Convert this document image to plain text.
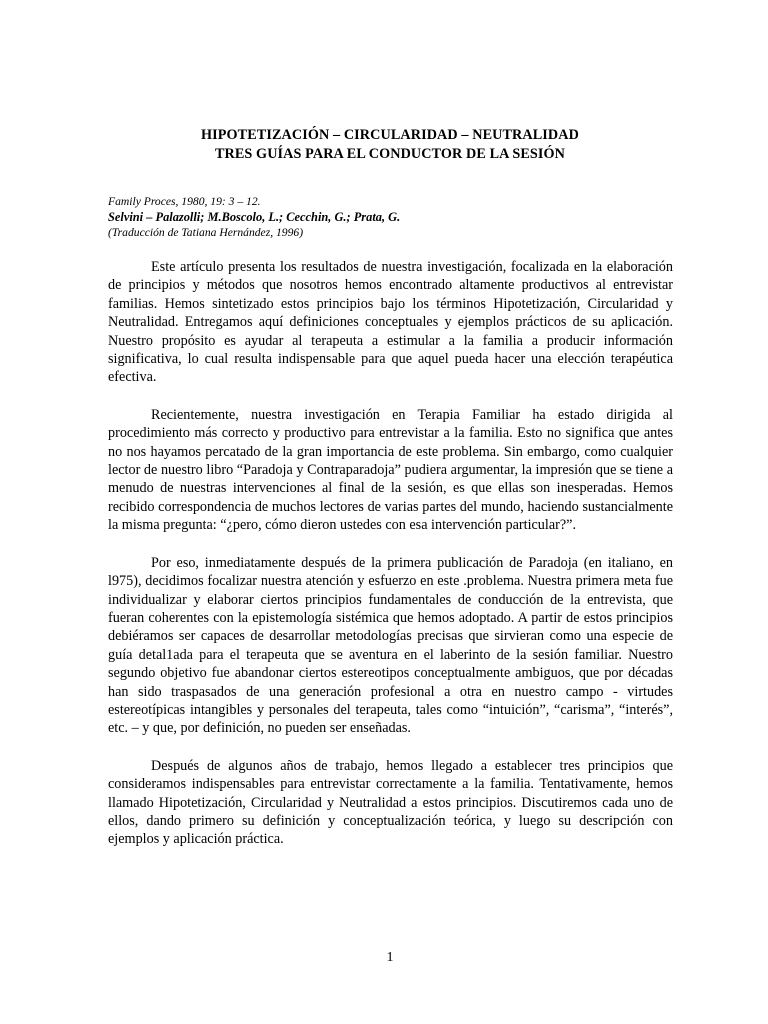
HIPOTETIZACIÓN – CIRCULARIDAD – NEUTRALIDAD
TRES GUÍAS PARA EL CONDUCTOR DE LA SESIÓN
Family Proces, 1980, 19: 3 – 12.
Selvini – Palazolli; M.Boscolo, L.; Cecchin, G.; Prata, G.
(Traducción de Tatiana Hernández, 1996)

Este artículo presenta los resultados de nuestra investigación, focalizada en la elaboración de principios y métodos que nosotros hemos encontrado altamente productivos al entrevistar familias. Hemos sintetizado estos principios bajo los términos Hipotetización, Circularidad y Neutralidad. Entregamos aquí definiciones conceptuales y ejemplos prácticos de su aplicación. Nuestro propósito es ayudar al terapeuta a estimular a la familia a producir información significativa, lo cual resulta indispensable para que aquel pueda hacer una elección terapéutica efectiva.

Recientemente, nuestra investigación en Terapia Familiar ha estado dirigida al procedimiento más correcto y productivo para entrevistar a la familia. Esto no significa que antes no nos hayamos percatado de la gran importancia de este problema. Sin embargo, como cualquier lector de nuestro libro “Paradoja y Contraparadoja” pudiera argumentar, la impresión que se tiene a menudo de nuestras intervenciones al final de la sesión, es que ellas son inesperadas. Hemos recibido correspondencia de muchos lectores de varias partes del mundo, haciendo sustancialmente la misma pregunta: “¿pero, cómo dieron ustedes con esa intervención particular?”.

Por eso, inmediatamente después de la primera publicación de Paradoja (en italiano, en l975), decidimos focalizar nuestra atención y esfuerzo en este .problema. Nuestra primera meta fue individualizar y elaborar ciertos principios fundamentales de conducción de la entrevista, que fueran coherentes con la epistemología sistémica que hemos adoptado. A partir de estos principios debiéramos ser capaces de desarrollar metodologías precisas que sirvieran como una especie de guía detal1ada para el terapeuta que se aventura en el laberinto de la sesión familiar. Nuestro segundo objetivo fue abandonar ciertos estereotipos conceptualmente ambiguos, que por décadas han sido traspasados de una generación profesional a otra en nuestro campo - virtudes estereotípicas intangibles y personales del terapeuta, tales como “intuición”, “carisma”, “interés”, etc. – y que, por definición, no pueden ser enseñadas.

Después de algunos años de trabajo, hemos llegado a establecer tres principios que consideramos indispensables para entrevistar correctamente a la familia. Tentativamente, hemos llamado Hipotetización, Circularidad y Neutralidad a estos principios. Discutiremos cada uno de ellos, dando primero su definición y conceptualización teórica, y luego su descripción con ejemplos y aplicación práctica.

1
